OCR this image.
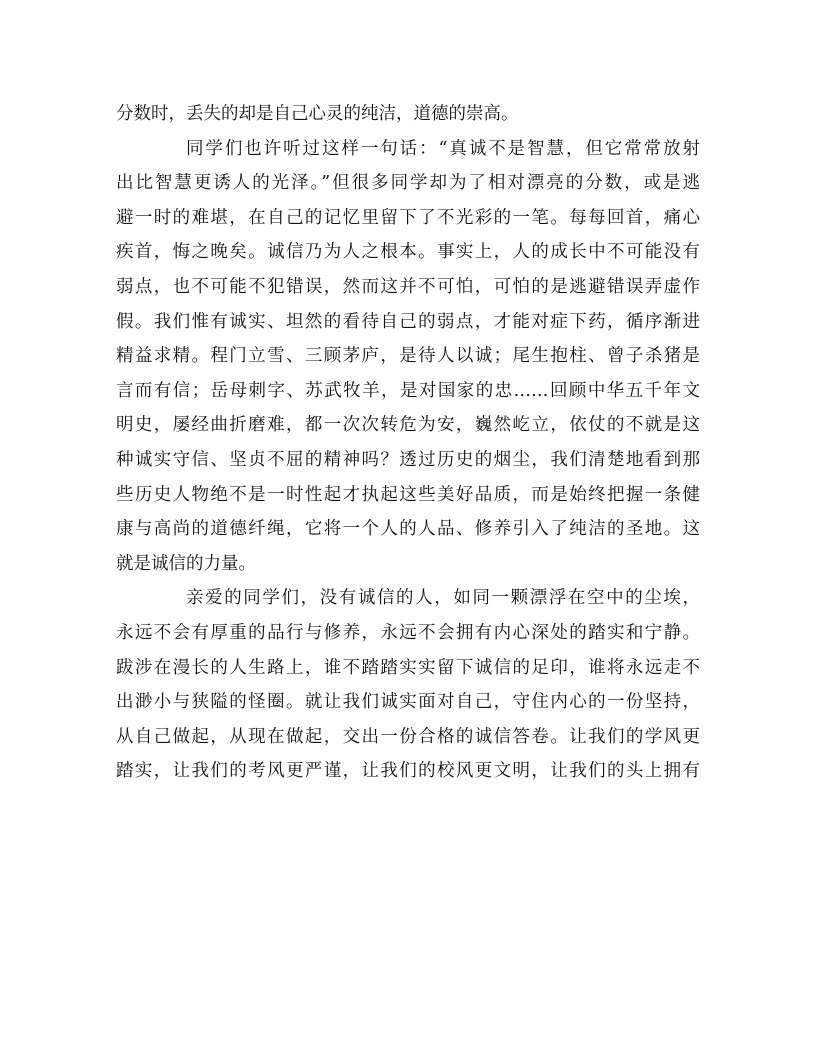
分数时，丢失的却是自己心灵的纯洁，道德的崇高。
同学们也许听过这样一句话：“真诚不是智慧，但它常常放射
出比智慧更诱人的光泽。”但很多同学却为了相对漂亮的分数，或是逃
避一时的难堪，在自己的记忆里留下了不光彩的一笔。每每回首，痛心
疾首，悔之晚矣。诚信乃为人之根本。事实上，人的成长中不可能没有
弱点，也不可能不犯错误，然而这并不可怕，可怕的是逃避错误弄虚作
假。我们惟有诚实、坦然的看待自己的弱点，才能对症下药，循序渐进
精益求精。程门立雪、三顾茅庐，是待人以诚；尾生抱柱、曾子杀猪是
言而有信；岳母刺字、苏武牧羊，是对国家的忠……回顾中华五千年文
明史，屡经曲折磨难，都一次次转危为安，巍然屹立，依仗的不就是这
种诚实守信、坚贞不屈的精神吗？透过历史的烟尘，我们清楚地看到那
些历史人物绝不是一时性起才执起这些美好品质，而是始终把握一条健
康与高尚的道德纤绳，它将一个人的人品、修养引入了纯洁的圣地。这
就是诚信的力量。
亲爱的同学们，没有诚信的人，如同一颗漂浮在空中的尘埃，
永远不会有厚重的品行与修养，永远不会拥有内心深处的踏实和宁静。
跋涉在漫长的人生路上，谁不踏踏实实留下诚信的足印，谁将永远走不
出渺小与狭隘的怪圈。就让我们诚实面对自己，守住内心的一份坚持，
从自己做起，从现在做起，交出一份合格的诚信答卷。让我们的学风更
踏实，让我们的考风更严谨，让我们的校风更文明，让我们的头上拥有
